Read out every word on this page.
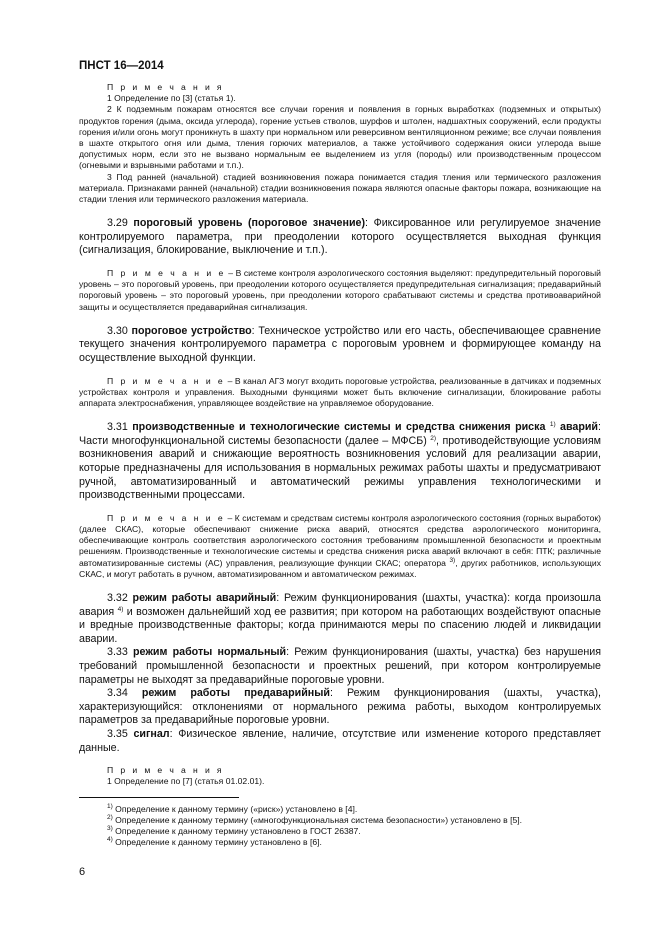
ПНСТ 16—2014

П р и м е ч а н и я

1 Определение по [3] (статья 1).

2 К подземным пожарам относятся все случаи горения и появления в горных выработках (подземных и открытых) продуктов горения (дыма, оксида углерода), горение устьев стволов, шурфов и штолен, надшахтных сооружений, если продукты горения и/или огонь могут проникнуть в шахту при нормальном или реверсивном вентиляционном режиме; все случаи появления в шахте открытого огня или дыма, тления горючих материалов, а также устойчивого содержания окиси углерода выше допустимых норм, если это не вызвано нормальным ее выделением из угля (породы) или производственным процессом (огневыми и взрывными работами и т.п.).

3 Под ранней (начальной) стадией возникновения пожара понимается стадия тления или термического разложения материала. Признаками ранней (начальной) стадии возникновения пожара являются опасные факторы пожара, возникающие на стадии тления или термического разложения материала.

3.29 пороговый уровень (пороговое значение): Фиксированное или регулируемое значение контролируемого параметра, при преодолении которого осуществляется выходная функция (сигнализация, блокирование, выключение и т.п.).

П р и м е ч а н и е – В системе контроля аэрологического состояния выделяют: предупредительный пороговый уровень – это пороговый уровень, при преодолении которого осуществляется предупредительная сигнализация; предаварийный пороговый уровень – это пороговый уровень, при преодолении которого срабатывают системы и средства противоаварийной защиты и осуществляется предаварийная сигнализация.

3.30 пороговое устройство: Техническое устройство или его часть, обеспечивающее сравнение текущего значения контролируемого параметра с пороговым уровнем и формирующее команду на осуществление выходной функции.

П р и м е ч а н и е – В канал АГЗ могут входить пороговые устройства, реализованные в датчиках и подземных устройствах контроля и управления. Выходными функциями может быть включение сигнализации, блокирование работы аппарата электроснабжения, управляющее воздействие на управляемое оборудование.

3.31 производственные и технологические системы и средства снижения риска $^{1)}$ аварий: Части многофункциональной системы безопасности (далее – МФСБ) $^{2)}$, противодействующие условиям возникновения аварий и снижающие вероятность возникновения условий для реализации аварии, которые предназначены для использования в нормальных режимах работы шахты и предусматривают ручной, автоматизированный и автоматический режимы управления технологическими и производственными процессами.

П р и м е ч а н и е – К системам и средствам системы контроля аэрологического состояния (горных выработок) (далее СКАС), которые обеспечивают снижение риска аварий, относятся средства аэрологического мониторинга, обеспечивающие контроль соответствия аэрологического состояния требованиям промышленной безопасности и проектным решениям. Производственные и технологические системы и средства снижения риска аварий включают в себя: ПТК; различные автоматизированные системы (АС) управления, реализующие функции СКАС; оператора $^{3)}$, других работников, использующих СКАС, и могут работать в ручном, автоматизированном и автоматическом режимах.

3.32 режим работы аварийный: Режим функционирования (шахты, участка): когда произошла авария $^{4)}$ и возможен дальнейший ход ее развития; при котором на работающих воздействуют опасные и вредные производственные факторы; когда принимаются меры по спасению людей и ликвидации аварии.

3.33 режим работы нормальный: Режим функционирования (шахты, участка) без нарушения требований промышленной безопасности и проектных решений, при котором контролируемые параметры не выходят за предаварийные пороговые уровни.

3.34 режим работы предаварийный: Режим функционирования (шахты, участка), характеризующийся: отклонениями от нормального режима работы, выходом контролируемых параметров за предаварийные пороговые уровни.

3.35 сигнал: Физическое явление, наличие, отсутствие или изменение которого представляет данные.

П р и м е ч а н и я

1 Определение по [7] (статья 01.02.01).

$^{1)}$ Определение к данному термину («риск») установлено в [4].

$^{2)}$ Определение к данному термину («многофункциональная система безопасности») установлено в [5].

$^{3)}$ Определение к данному термину установлено в ГОСТ 26387.

$^{4)}$ Определение к данному термину установлено в [6].

6
